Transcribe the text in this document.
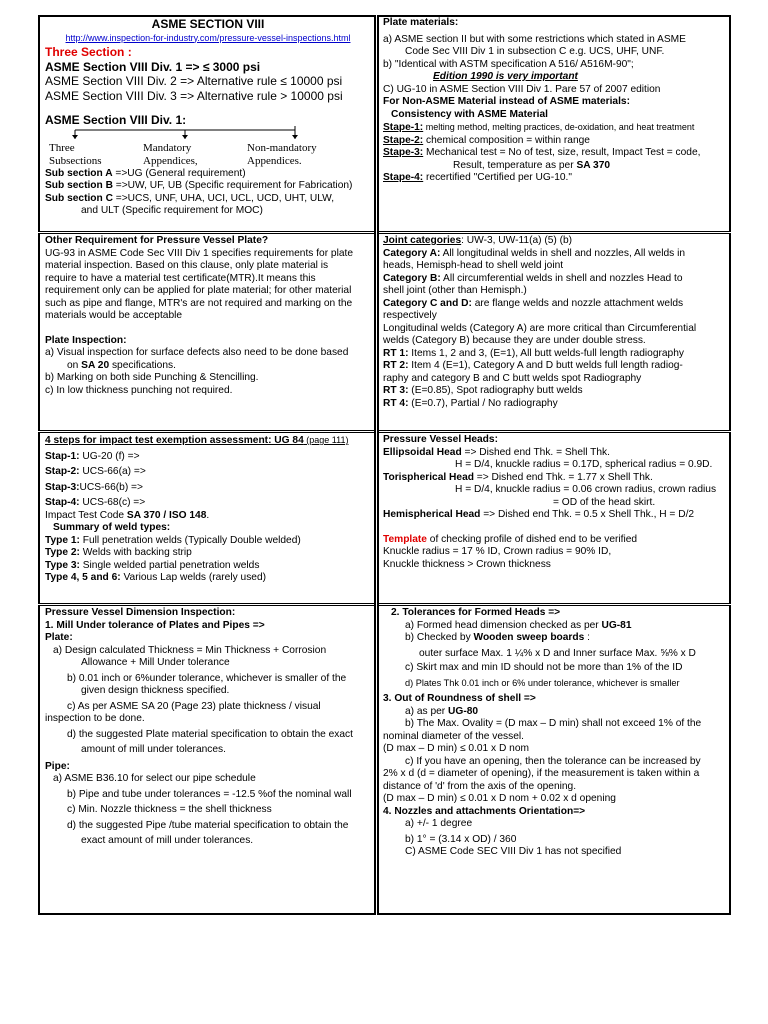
ASME SECTION VIII

http://www.inspection-for-industry.com/pressure-vessel-inspections.html

Three Section :

ASME Section VIII Div. 1 => ≤ 3000 psi

ASME Section VIII Div. 2 => Alternative rule ≤ 10000 psi

ASME Section VIII Div. 3 => Alternative rule > 10000 psi

ASME Section VIII Div. 1:

Three	Mandatory	Non-mandatory
Subsections	Appendices,	Appendices.

Sub section A =>UG (General requirement)

Sub section B =>UW, UF, UB (Specific requirement for Fabrication)

Sub section C =>UCS, UNF, UHA, UCI, UCL, UCD, UHT, ULW,

and ULT (Specific requirement for MOC)

Plate materials:

a) ASME section II but with some restrictions which stated in ASME

Code Sec VIII Div 1 in subsection C e.g. UCS, UHF, UNF.

b) "Identical with ASTM specification A 516/ A516M-90";

Edition 1990 is very important

C) UG-10 in ASME Section VIII Div 1. Pare 57 of 2007 edition

For Non-ASME Material instead of ASME materials:

Consistency with ASME Material

Stape-1: melting method, melting practices, de-oxidation, and heat treatment

Stape-2: chemical composition = within range

Stape-3: Mechanical test = No of test, size, result, Impact Test = code,

Result, temperature as per SA 370

Stape-4: recertified "Certified per UG-10."

Other Requirement for Pressure Vessel Plate?

UG-93 in ASME Code Sec VIII Div 1 specifies requirements for plate

material inspection. Based on this clause, only plate material is

require to have a material test certificate(MTR).It means this

requirement only can be applied for plate material; for other material

such as pipe and flange, MTR's are not required and marking on the

materials would be acceptable

Plate Inspection:

a) Visual inspection for surface defects also need to be done based

on SA 20 specifications.

b) Marking on both side Punching & Stencilling.

c) In low thickness punching not required.

Joint categories: UW-3, UW-11(a) (5) (b)

Category A: All longitudinal welds in shell and nozzles, All welds in

heads, Hemisph-head to shell weld joint

Category B: All circumferential welds in shell and nozzles Head to

shell joint (other than Hemisph.)

Category C and D: are flange welds and nozzle attachment welds

respectively

Longitudinal welds (Category A) are more critical than Circumferential

welds (Category B) because they are under double stress.

RT 1: Items 1, 2 and 3, (E=1), All butt welds-full length radiography

RT 2: Item 4 (E=1), Category A and D butt welds full length radiog-

raphy and category B and C butt welds spot Radiography

RT 3: (E=0.85), Spot radiography butt welds

RT 4: (E=0.7), Partial / No radiography

4 steps for impact test exemption assessment: UG 84 (page 111)

Stap-1: UG-20 (f) =>

Stap-2: UCS-66(a) =>

Stap-3:UCS-66(b) =>

Stap-4: UCS-68(c) =>

Impact Test Code SA 370 / ISO 148.

Summary of weld types:

Type 1: Full penetration welds (Typically Double welded)

Type 2: Welds with backing strip

Type 3: Single welded partial penetration welds

Type 4, 5 and 6: Various Lap welds (rarely used)

Pressure Vessel Heads:

Ellipsoidal Head => Dished end Thk. = Shell Thk.

H = D/4, knuckle radius = 0.17D, spherical radius = 0.9D.

Torispherical Head => Dished end Thk. = 1.77 x Shell Thk.

H = D/4, knuckle radius = 0.06 crown radius, crown radius

= OD of the head skirt.

Hemispherical Head => Dished end Thk. = 0.5 x Shell Thk., H = D/2

Template of checking profile of dished end to be verified

Knuckle radius = 17 % ID, Crown radius = 90% ID,

Knuckle thickness > Crown thickness

Pressure Vessel Dimension Inspection:

1. Mill Under tolerance of Plates and Pipes =>

Plate:

a) Design calculated Thickness = Min Thickness + Corrosion

Allowance + Mill Under tolerance

b) 0.01 inch or 6%under tolerance, whichever is smaller of the

given design thickness specified.

c) As per ASME SA 20 (Page 23) plate thickness / visual

inspection to be done.

d) the suggested Plate material specification to obtain the exact

amount of mill under tolerances.

Pipe:

a) ASME B36.10 for select our pipe schedule

b) Pipe and tube under tolerances = -12.5 %of the nominal wall

c) Min. Nozzle thickness = the shell thickness

d) the suggested Pipe /tube material specification to obtain the

exact amount of mill under tolerances.

2. Tolerances for Formed Heads =>

a) Formed head dimension checked as per UG-81

b) Checked by Wooden sweep boards :

outer surface Max. 1 ¼% x D and Inner surface Max. ⅝% x D

c) Skirt max and min ID should not be more than 1% of the ID

d) Plates Thk 0.01 inch or 6% under tolerance, whichever is smaller

3. Out of Roundness of shell =>

a) as per UG-80

b) The Max. Ovality = (D max – D min) shall not exceed 1% of the

nominal diameter of the vessel.

(D max – D min) ≤ 0.01 x D nom

c) If you have an opening, then the tolerance can be increased by

2% x d (d = diameter of opening), if the measurement is taken within a

distance of 'd' from the axis of the opening.

(D max – D min) ≤ 0.01 x D nom + 0.02 x d opening

4. Nozzles and attachments Orientation=>

a) +/- 1 degree

b) 1° = (3.14 x OD) / 360

C) ASME Code SEC VIII Div 1 has not specified
